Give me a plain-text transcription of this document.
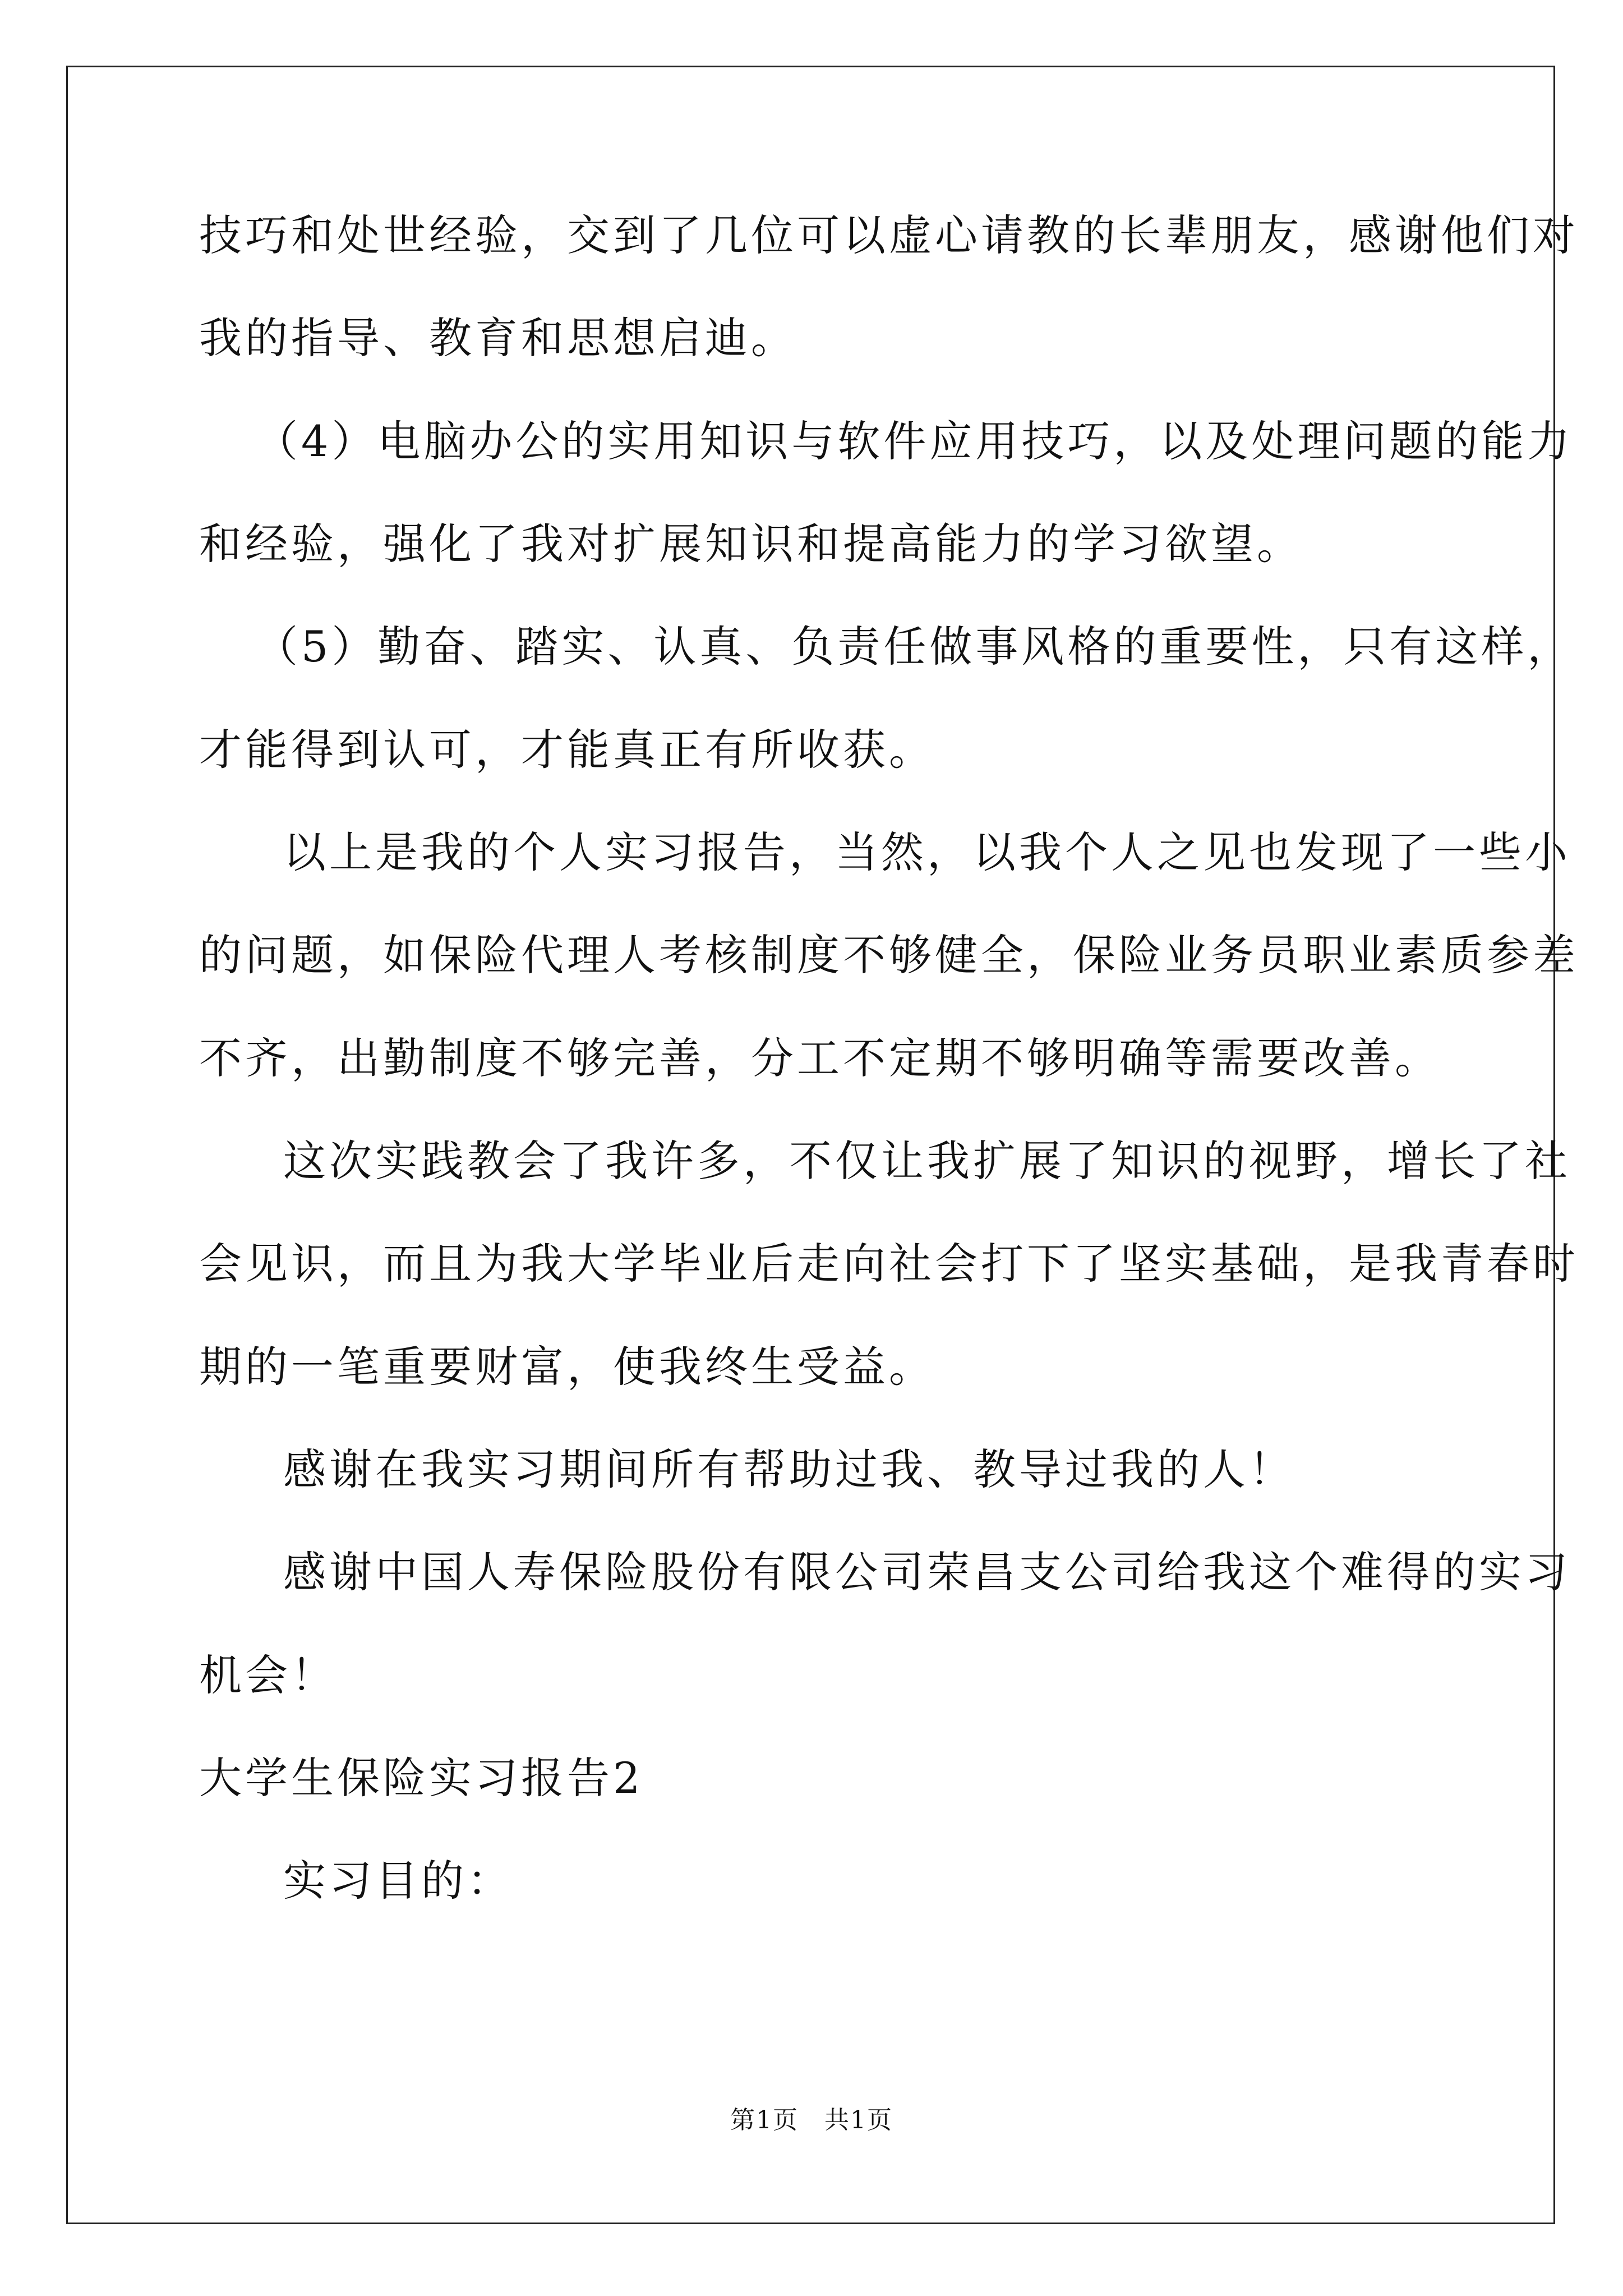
技巧和处世经验，交到了几位可以虚心请教的长辈朋友，感谢他们对
我的指导、教育和思想启迪。
（4）电脑办公的实用知识与软件应用技巧，以及处理问题的能力
和经验，强化了我对扩展知识和提高能力的学习欲望。
（5）勤奋、踏实、认真、负责任做事风格的重要性，只有这样，
才能得到认可，才能真正有所收获。
以上是我的个人实习报告，当然，以我个人之见也发现了一些小
的问题，如保险代理人考核制度不够健全，保险业务员职业素质参差
不齐，出勤制度不够完善，分工不定期不够明确等需要改善。
这次实践教会了我许多，不仅让我扩展了知识的视野，增长了社
会见识，而且为我大学毕业后走向社会打下了坚实基础，是我青春时
期的一笔重要财富，使我终生受益。
感谢在我实习期间所有帮助过我、教导过我的人！
感谢中国人寿保险股份有限公司荣昌支公司给我这个难得的实习
机会！
大学生保险实习报告2
实习目的：
第1页　共1页
